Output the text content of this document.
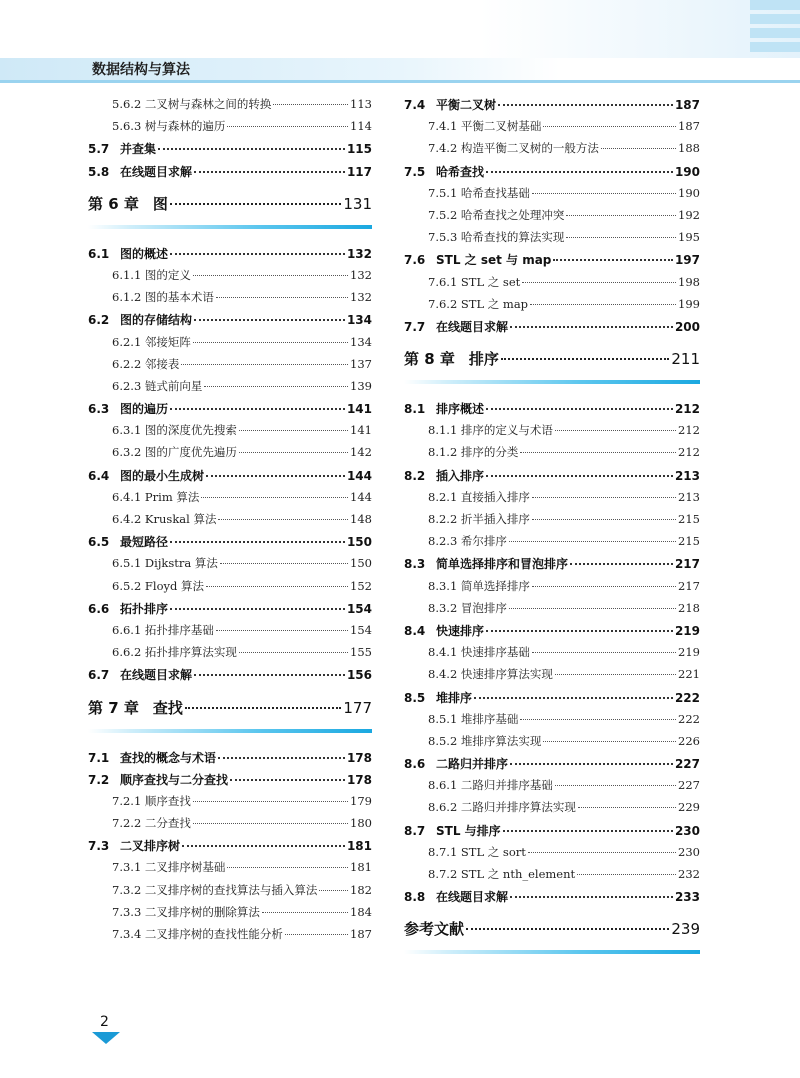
数据结构与算法
5.6.2 二叉树与森林之间的转换	113
5.6.3 树与森林的遍历	114
5.7 并查集	115
5.8 在线题目求解	117
第 6 章 图	131
6.1 图的概述	132
6.1.1 图的定义	132
6.1.2 图的基本术语	132
6.2 图的存储结构	134
6.2.1 邻接矩阵	134
6.2.2 邻接表	137
6.2.3 链式前向星	139
6.3 图的遍历	141
6.3.1 图的深度优先搜索	141
6.3.2 图的广度优先遍历	142
6.4 图的最小生成树	144
6.4.1 Prim 算法	144
6.4.2 Kruskal 算法	148
6.5 最短路径	150
6.5.1 Dijkstra 算法	150
6.5.2 Floyd 算法	152
6.6 拓扑排序	154
6.6.1 拓扑排序基础	154
6.6.2 拓扑排序算法实现	155
6.7 在线题目求解	156
第 7 章 查找	177
7.1 查找的概念与术语	178
7.2 顺序查找与二分查找	178
7.2.1 顺序查找	179
7.2.2 二分查找	180
7.3 二叉排序树	181
7.3.1 二叉排序树基础	181
7.3.2 二叉排序树的查找算法与插入算法	182
7.3.3 二叉排序树的删除算法	184
7.3.4 二叉排序树的查找性能分析	187
7.4 平衡二叉树	187
7.4.1 平衡二叉树基础	187
7.4.2 构造平衡二叉树的一般方法	188
7.5 哈希查找	190
7.5.1 哈希查找基础	190
7.5.2 哈希查找之处理冲突	192
7.5.3 哈希查找的算法实现	195
7.6 STL 之 set 与 map	197
7.6.1 STL 之 set	198
7.6.2 STL 之 map	199
7.7 在线题目求解	200
第 8 章 排序	211
8.1 排序概述	212
8.1.1 排序的定义与术语	212
8.1.2 排序的分类	212
8.2 插入排序	213
8.2.1 直接插入排序	213
8.2.2 折半插入排序	215
8.2.3 希尔排序	215
8.3 简单选择排序和冒泡排序	217
8.3.1 简单选择排序	217
8.3.2 冒泡排序	218
8.4 快速排序	219
8.4.1 快速排序基础	219
8.4.2 快速排序算法实现	221
8.5 堆排序	222
8.5.1 堆排序基础	222
8.5.2 堆排序算法实现	226
8.6 二路归并排序	227
8.6.1 二路归并排序基础	227
8.6.2 二路归并排序算法实现	229
8.7 STL 与排序	230
8.7.1 STL 之 sort	230
8.7.2 STL 之 nth_element	232
8.8 在线题目求解	233
参考文献	239
2
